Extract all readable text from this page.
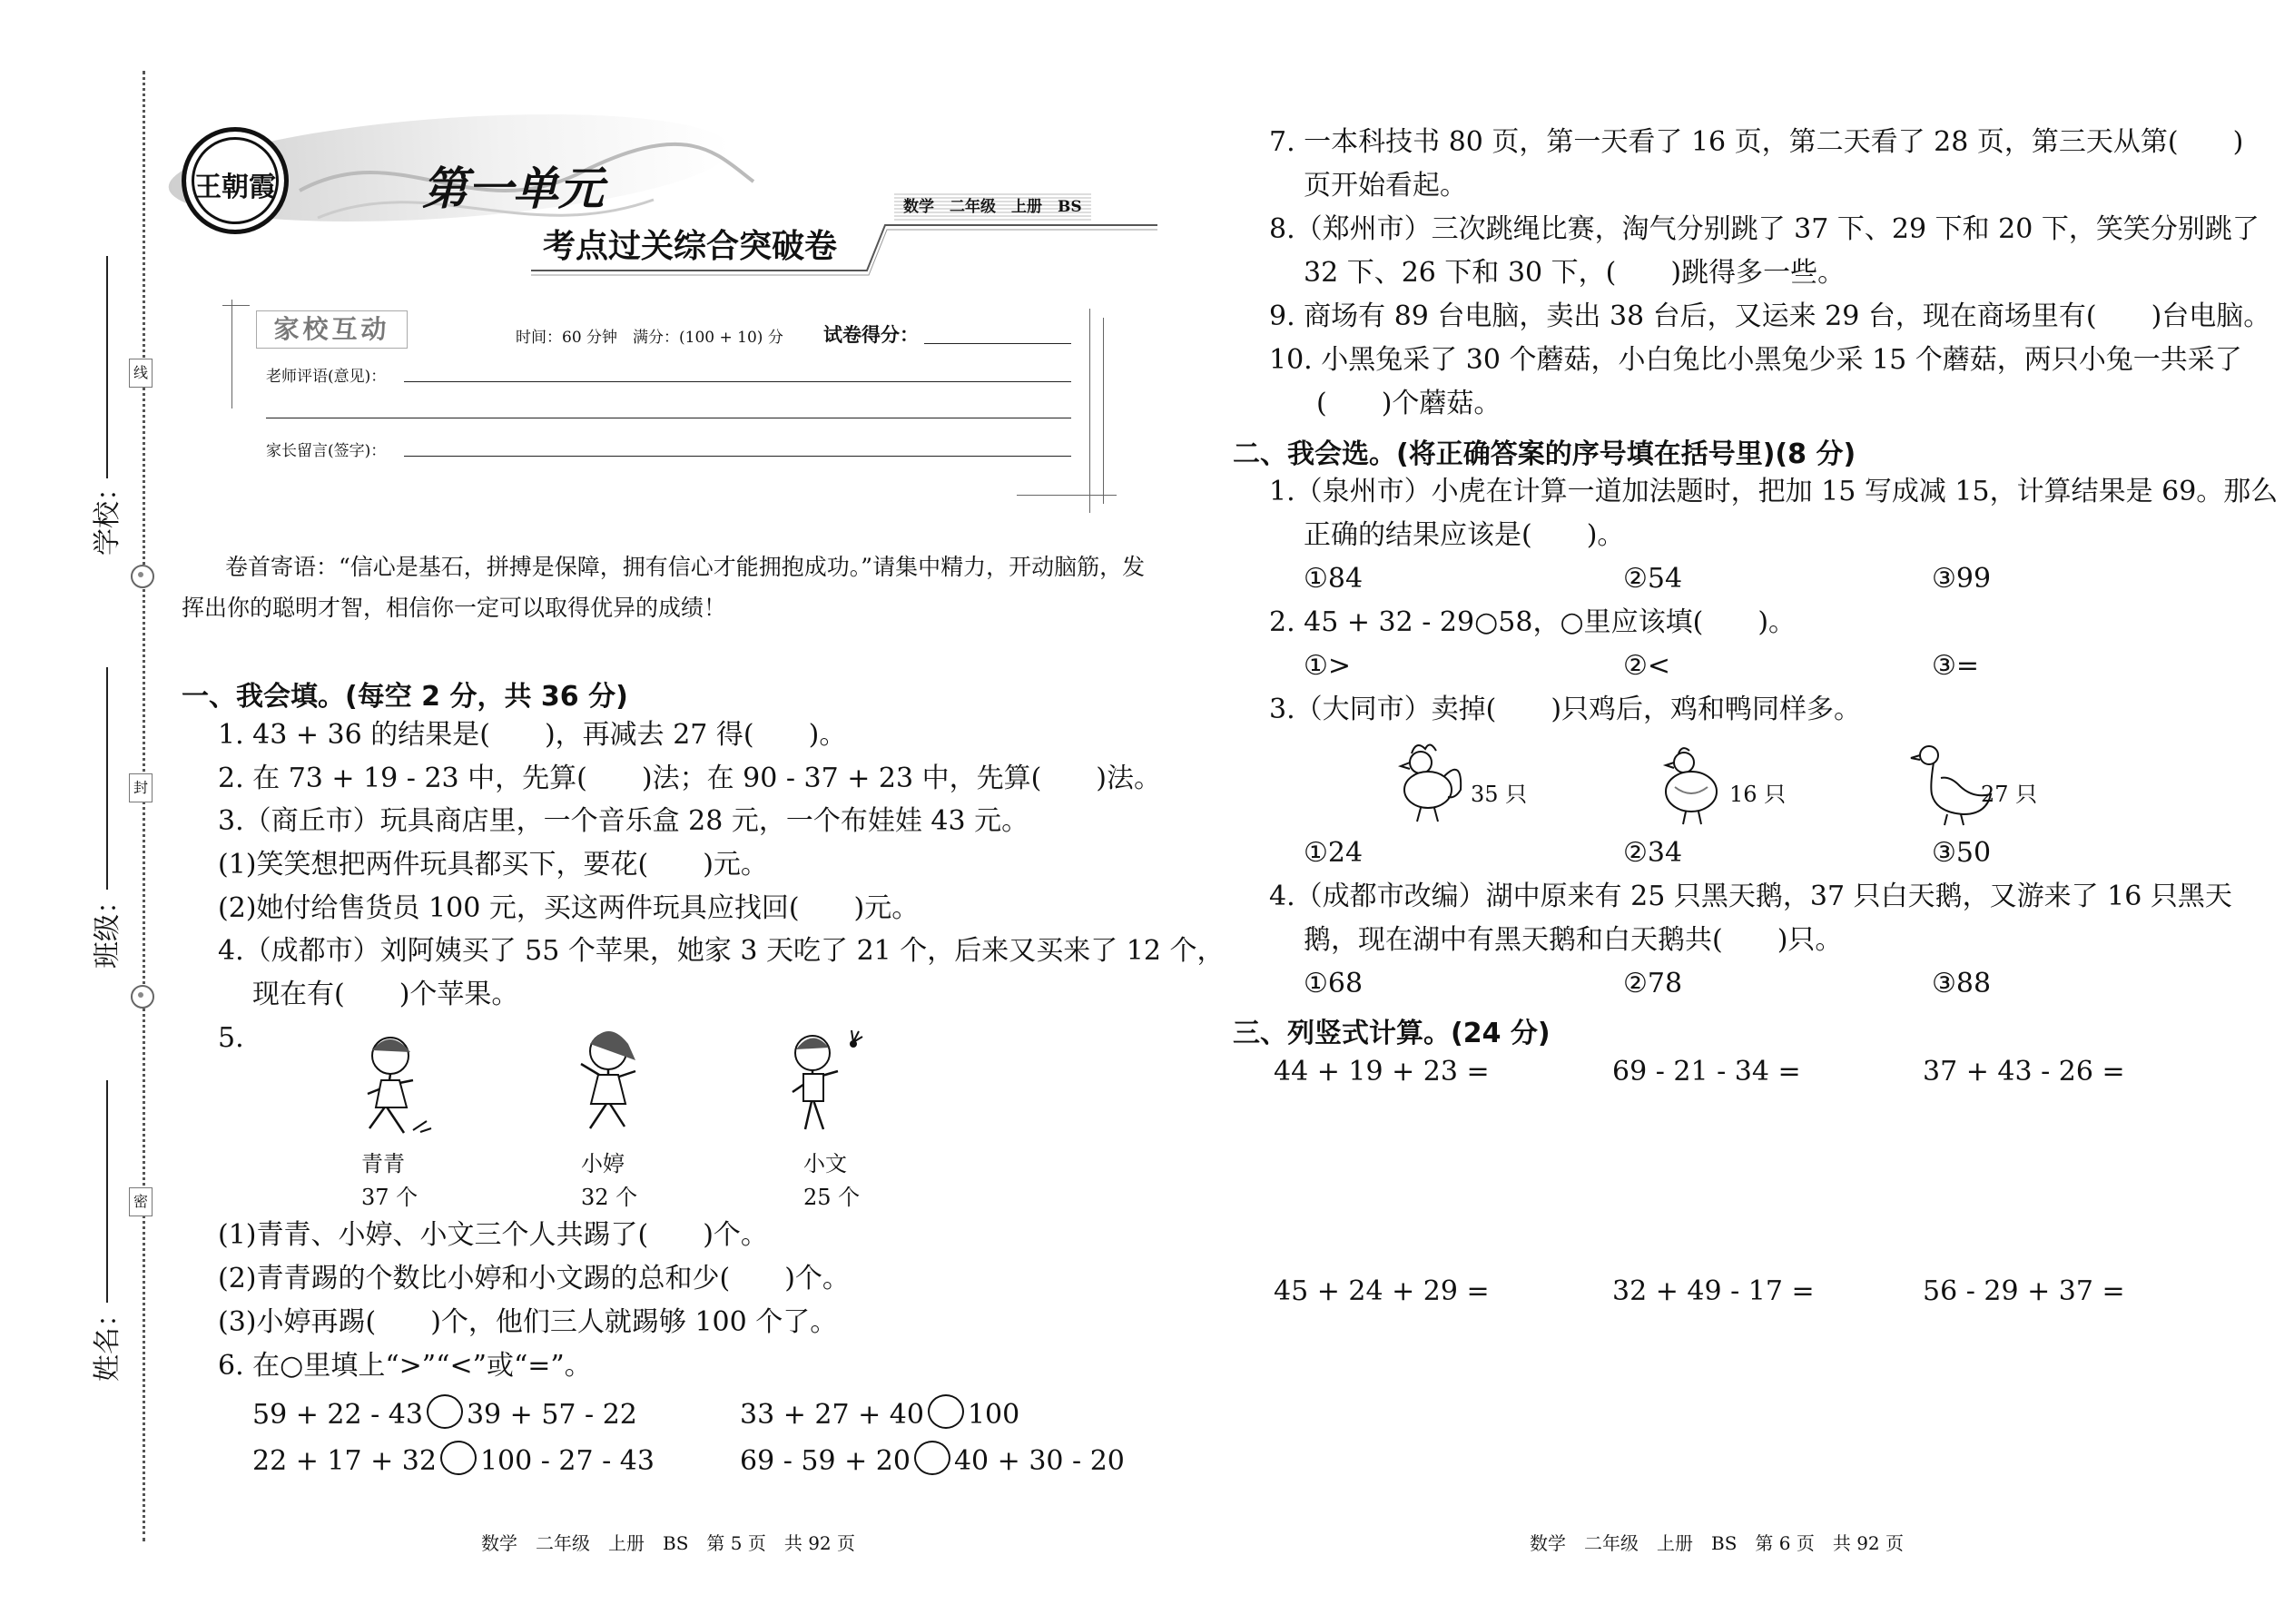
线
封
密
学校：
班级：
姓名：
王朝霞	第一单元
考点过关综合突破卷
数学　二年级　上册　BS
家校互动	时间：60 分钟　满分：(100 + 10) 分 试卷得分：
老师评语(意见)：
家长留言(签字)：
卷首寄语：“信心是基石，拼搏是保障，拥有信心才能拥抱成功。”请集中精力，开动脑筋，发
挥出你的聪明才智，相信你一定可以取得优异的成绩！
一、我会填。(每空 2 分，共 36 分)
1. 43 + 36 的结果是(　　)，再减去 27 得(　　)。
2. 在 73 + 19 - 23 中，先算(　　)法；在 90 - 37 + 23 中，先算(　　)法。
3.（商丘市）玩具商店里，一个音乐盒 28 元，一个布娃娃 43 元。
(1)笑笑想把两件玩具都买下，要花(　　)元。
(2)她付给售货员 100 元，买这两件玩具应找回(　　)元。
4.（成都市）刘阿姨买了 55 个苹果，她家 3 天吃了 21 个，后来又买来了 12 个，
现在有(　　)个苹果。
5.
青青
37 个
小婷
32 个
小文
25 个
(1)青青、小婷、小文三个人共踢了(　　)个。
(2)青青踢的个数比小婷和小文踢的总和少(　　)个。
(3)小婷再踢(　　)个，他们三人就踢够 100 个了。
6. 在○里填上“>”“<”或“=”。
59 + 22 - 43 39 + 57 - 22	33 + 27 + 40 100
22 + 17 + 32 100 - 27 - 43	69 - 59 + 20 40 + 30 - 20
7. 一本科技书 80 页，第一天看了 16 页，第二天看了 28 页，第三天从第(　　)
页开始看起。
8.（郑州市）三次跳绳比赛，淘气分别跳了 37 下、29 下和 20 下，笑笑分别跳了
32 下、26 下和 30 下，(　　)跳得多一些。
9. 商场有 89 台电脑，卖出 38 台后，又运来 29 台，现在商场里有(　　)台电脑。
10. 小黑兔采了 30 个蘑菇，小白兔比小黑兔少采 15 个蘑菇，两只小兔一共采了
(　　)个蘑菇。
二、我会选。(将正确答案的序号填在括号里)(8 分)
1.（泉州市）小虎在计算一道加法题时，把加 15 写成减 15，计算结果是 69。那么
正确的结果应该是(　　)。
①84	②54	③99
2. 45 + 32 - 29○58，○里应该填(　　)。
①>	②<	③=
3.（大同市）卖掉(　　)只鸡后，鸡和鸭同样多。
35 只	16 只	27 只
①24	②34	③50
4.（成都市改编）湖中原来有 25 只黑天鹅，37 只白天鹅，又游来了 16 只黑天
鹅，现在湖中有黑天鹅和白天鹅共(　　)只。
①68	②78	③88
三、列竖式计算。(24 分)
44 + 19 + 23 =	69 - 21 - 34 =	37 + 43 - 26 =
45 + 24 + 29 =	32 + 49 - 17 =	56 - 29 + 37 =
数学　二年级　上册　BS　第 5 页　共 92 页	数学　二年级　上册　BS　第 6 页　共 92 页
